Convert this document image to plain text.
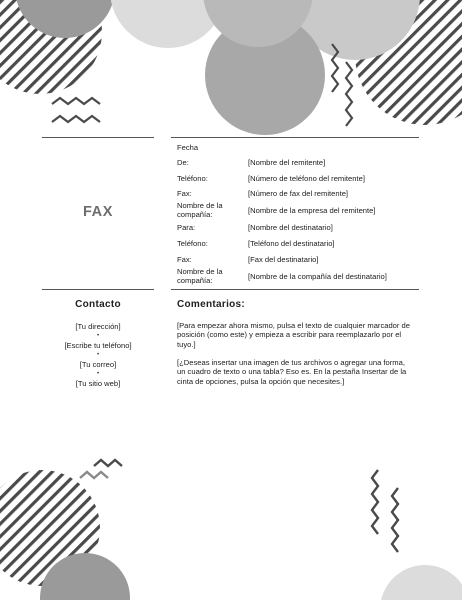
FAX
Fecha
De:	[Nombre del remitente]
Teléfono:	[Número de teléfono del remitente]
Fax:	[Número de fax del remitente]
Nombre de la compañía:	[Nombre de la empresa del remitente]
Para:	[Nombre del destinatario]
Teléfono:	[Teléfono del destinatario]
Fax:	[Fax del destinatario]
Nombre de la compañía:	[Nombre de la compañía del destinatario]
Contacto
[Tu dirección]
•
[Escribe tu teléfono]
•
[Tu correo]
•
[Tu sitio web]
Comentarios:
[Para empezar ahora mismo, pulsa el texto de cualquier marcador de posición (como este) y empieza a escribir para reemplazarlo por el tuyo.]
[¿Deseas insertar una imagen de tus archivos o agregar una forma, un cuadro de texto o una tabla? Eso es. En la pestaña Insertar de la cinta de opciones, pulsa la opción que necesites.]
